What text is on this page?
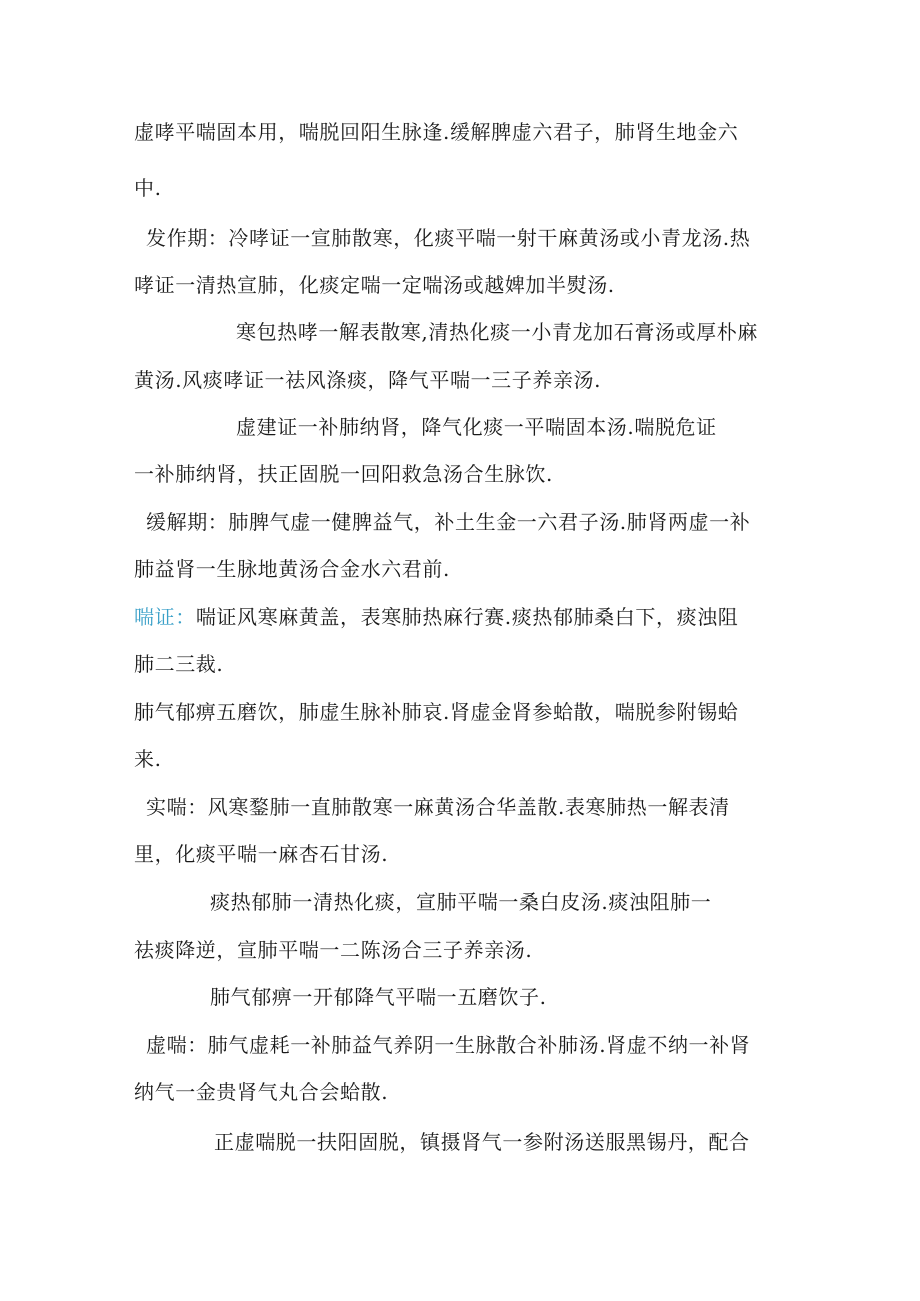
虚哮平喘固本用，喘脱回阳生脉逢.缓解脾虚六君子，肺肾生地金六
中.
发作期：冷哮证一宣肺散寒，化痰平喘一射干麻黄汤或小青龙汤.热
哮证一清热宣肺，化痰定喘一定喘汤或越婢加半熨汤.
寒包热哮一解表散寒,清热化痰一小青龙加石膏汤或厚朴麻
黄汤.风痰哮证一祛风涤痰，降气平喘一三子养亲汤.
虚建证一补肺纳肾，降气化痰一平喘固本汤.喘脱危证
一补肺纳肾，扶正固脱一回阳救急汤合生脉饮.
缓解期：肺脾气虚一健脾益气，补土生金一六君子汤.肺肾两虚一补
肺益肾一生脉地黄汤合金水六君前.
喘证：喘证风寒麻黄盖，表寒肺热麻行赛.痰热郁肺桑白下，痰浊阻
肺二三裁.
肺气郁痹五磨饮，肺虚生脉补肺哀.肾虚金肾参蛤散，喘脱参附锡蛤
来.
实喘：风寒鍪肺一直肺散寒一麻黄汤合华盖散.表寒肺热一解表清
里，化痰平喘一麻杏石甘汤.
痰热郁肺一清热化痰，宣肺平喘一桑白皮汤.痰浊阻肺一
祛痰降逆，宣肺平喘一二陈汤合三子养亲汤.
肺气郁痹一开郁降气平喘一五磨饮子.
虚喘：肺气虚耗一补肺益气养阴一生脉散合补肺汤.肾虚不纳一补肾
纳气一金贵肾气丸合会蛤散.
正虚喘脱一扶阳固脱，镇摄肾气一参附汤送服黑锡丹，配合
